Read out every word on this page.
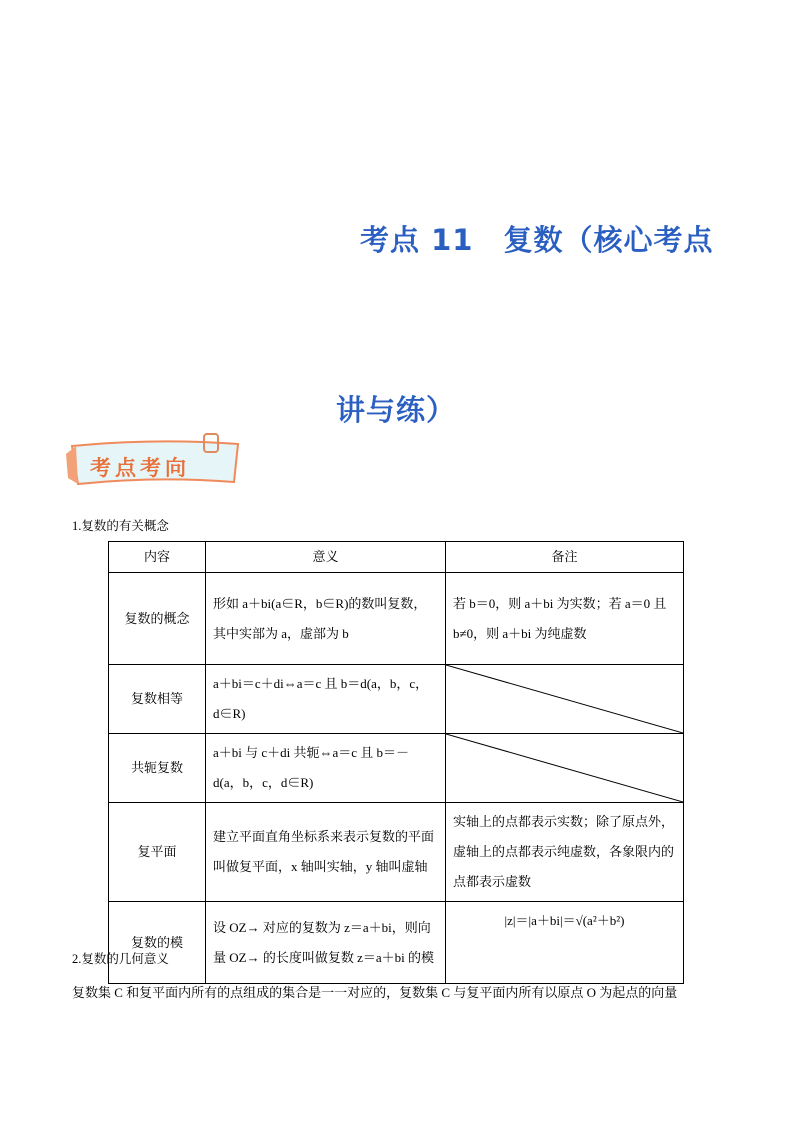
考点 11　复数（核心考点
讲与练）
考点考向
1.复数的有关概念
内容	意义	备注
复数的概念	形如 a＋bi(a∈R，b∈R)的数叫复数，其中实部为 a，虚部为 b	若 b＝0，则 a＋bi 为实数；若 a＝0 且 b≠0，则 a＋bi 为纯虚数
复数相等	a＋bi＝c＋di⇔a＝c 且 b＝d(a，b，c，d∈R)	

共轭复数	a＋bi 与 c＋di 共轭⇔a＝c 且 b＝－d(a，b，c，d∈R)	

复平面	建立平面直角坐标系来表示复数的平面叫做复平面，x 轴叫实轴，y 轴叫虚轴	实轴上的点都表示实数；除了原点外，虚轴上的点都表示纯虚数，各象限内的点都表示虚数
复数的模	设 OZ→ 对应的复数为 z＝a＋bi，则向量 OZ→ 的长度叫做复数 z＝a＋bi 的模	|z|＝|a＋bi|＝√(a²＋b²)
2.复数的几何意义
复数集 C 和复平面内所有的点组成的集合是一一对应的，复数集 C 与复平面内所有以原点 O 为起点的向量
